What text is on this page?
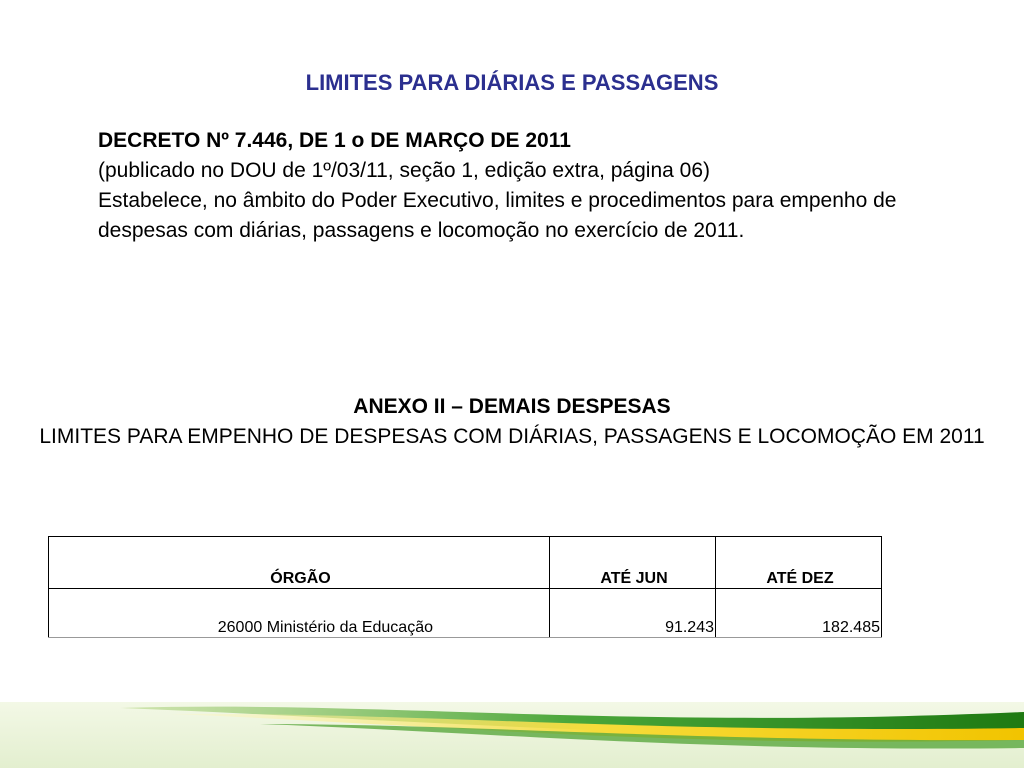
LIMITES PARA DIÁRIAS E PASSAGENS
DECRETO Nº 7.446, DE 1 o DE MARÇO DE 2011
(publicado no DOU de 1º/03/11, seção 1, edição extra, página 06)
Estabelece, no âmbito do Poder Executivo, limites e procedimentos para empenho de despesas com diárias, passagens e locomoção no exercício de 2011.
ANEXO II – DEMAIS DESPESAS
LIMITES PARA EMPENHO DE DESPESAS COM DIÁRIAS, PASSAGENS E LOCOMOÇÃO EM 2011
ÓRGÃO	ATÉ JUN	ATÉ DEZ
26000 Ministério da Educação	91.243	182.485
